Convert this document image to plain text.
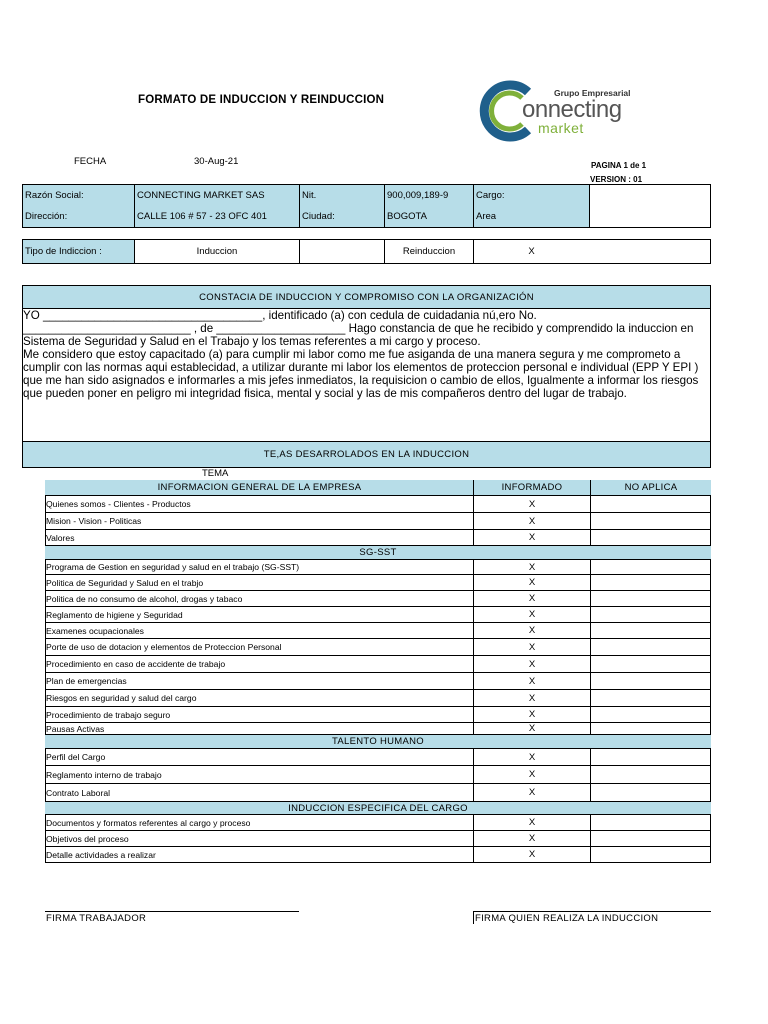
FORMATO DE INDUCCION Y REINDUCCION
Grupo Empresarial
onnecting
market
FECHA	30-Aug-21	PAGINA 1 de 1
VERSION : 01
Razón Social:	CONNECTING MARKET SAS	Nit.	900,009,189-9	Cargo:
Dirección:	CALLE 106 # 57 - 23 OFC 401	Ciudad:	BOGOTA	Area
Tipo de Indiccion :	Induccion	Reinduccion	X
CONSTACIA DE INDUCCION Y COMPROMISO CON LA ORGANIZACIÓN

YO __________________________________, identificado (a) con cedula de cuidadania nú,ero No.

__________________________ , de ____________________ Hago constancia de que he recibido y comprendido la induccion en

Sistema de Seguridad y Salud en el Trabajo y los temas referentes a mi cargo y proceso.

Me considero que estoy capacitado (a) para cumplir mi labor como me fue asiganda de una manera segura y me comprometo a

cumplir con las normas aqui establecidad, a utilizar durante mi labor los elementos de proteccion personal e individual (EPP Y EPI )

que me han sido asignados e informarles a mis jefes inmediatos, la requisicion o cambio de ellos, Igualmente a informar los riesgos

que pueden poner en peligro mi integridad fisica, mental y social y las de mis compañeros dentro del lugar de trabajo.

TE,AS DESARROLADOS EN LA INDUCCION
TEMA
INFORMACION GENERAL DE LA EMPRESA	INFORMADO	NO APLICA
Quienes somos - Clientes - Productos	X
Mision - Vision - Politicas	X
Valores	X
SG-SST
Programa de Gestion en seguridad y salud en el trabajo (SG-SST)	X
Politica de Seguridad y Salud en el trabjo	X
Politica de no consumo de alcohol, drogas y tabaco	X
Reglamento de higiene y Seguridad	X
Examenes ocupacionales	X
Porte de uso de dotacion y elementos de Proteccion Personal	X
Procedimiento en caso de accidente de trabajo	X
Plan de emergencias	X
Riesgos en seguridad y salud del cargo	X
Procedimiento de trabajo seguro	X
Pausas Activas	X
TALENTO HUMANO
Perfil del Cargo	X
Reglamento interno de trabajo	X
Contrato Laboral	X
INDUCCION ESPECIFICA DEL CARGO
Documentos y formatos referentes al cargo y proceso	X
Objetivos del proceso	X
Detalle actividades a realizar	X
FIRMA TRABAJADOR	FIRMA QUIEN REALIZA LA INDUCCION
